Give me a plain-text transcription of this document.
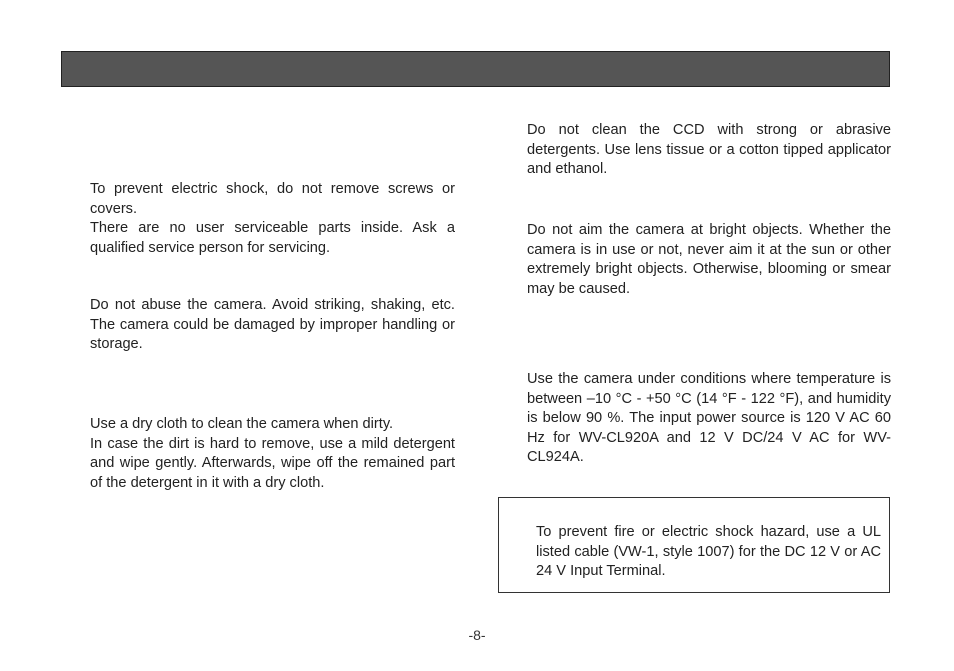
To prevent electric shock, do not remove screws or covers.

There are no user serviceable parts inside. Ask a qualified service person for servicing.

Do not abuse the camera. Avoid striking, shaking, etc. The camera could be damaged by improper handling or storage.

Use a dry cloth to clean the camera when dirty.

In case the dirt is hard to remove, use a mild detergent and wipe gently. Afterwards, wipe off the remained part of the detergent in it with a dry cloth.

Do not clean the CCD with strong or abrasive detergents. Use lens tissue or a cotton tipped applicator and ethanol.

Do not aim the camera at bright objects. Whether the camera is in use or not, never aim it at the sun or other extremely bright objects. Otherwise, blooming or smear may be caused.

Use the camera under conditions where temperature is between –10 °C - +50 °C (14 °F - 122 °F), and humidity is below 90 %. The input power source is 120 V AC 60 Hz for WV-CL920A and 12 V DC/24 V AC for WV-CL924A.

To prevent fire or electric shock hazard, use a UL listed cable (VW-1, style 1007) for the DC 12 V or AC 24 V Input Terminal.

-8-
